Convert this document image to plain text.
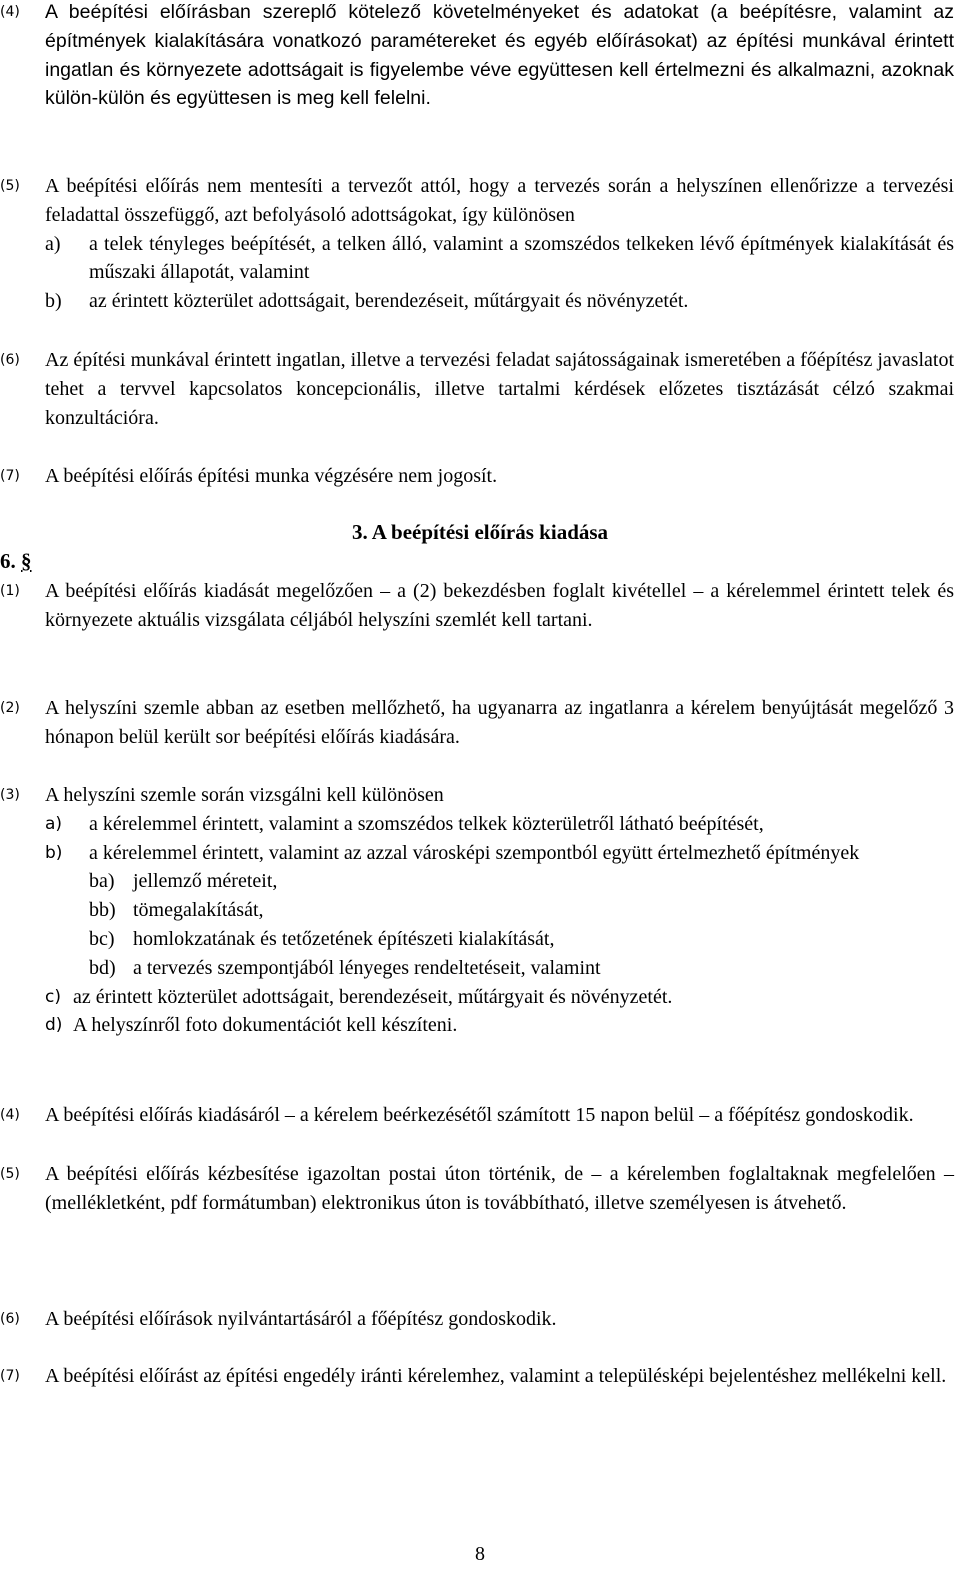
(4) A beépítési előírásban szereplő kötelező követelményeket és adatokat (a beépítésre, valamint az építmények kialakítására vonatkozó paramétereket és egyéb előírásokat) az építési munkával érintett ingatlan és környezete adottságait is figyelembe véve együttesen kell értelmezni és alkalmazni, azoknak külön-külön és együttesen is meg kell felelni.
(5) A beépítési előírás nem mentesíti a tervezőt attól, hogy a tervezés során a helyszínen ellenőrizze a tervezési feladattal összefüggő, azt befolyásoló adottságokat, így különösen
a) a telek tényleges beépítését, a telken álló, valamint a szomszédos telkeken lévő építmények kialakítását és műszaki állapotát, valamint
b) az érintett közterület adottságait, berendezéseit, műtárgyait és növényzetét.
(6) Az építési munkával érintett ingatlan, illetve a tervezési feladat sajátosságainak ismeretében a főépítész javaslatot tehet a tervvel kapcsolatos koncepcionális, illetve tartalmi kérdések előzetes tisztázását célzó szakmai konzultációra.
(7) A beépítési előírás építési munka végzésére nem jogosít.
3. A beépítési előírás kiadása
6. §
(1) A beépítési előírás kiadását megelőzően – a (2) bekezdésben foglalt kivétellel – a kérelemmel érintett telek és környezete aktuális vizsgálata céljából helyszíni szemlét kell tartani.
(2) A helyszíni szemle abban az esetben mellőzhető, ha ugyanarra az ingatlanra a kérelem benyújtását megelőző 3 hónapon belül került sor beépítési előírás kiadására.
(3) A helyszíni szemle során vizsgálni kell különösen
a) a kérelemmel érintett, valamint a szomszédos telkek közterületről látható beépítését,
b) a kérelemmel érintett, valamint az azzal városképi szempontból együtt értelmezhető építmények
ba) jellemző méreteit,
bb) tömegalakítását,
bc) homlokzatának és tetőzetének építészeti kialakítását,
bd) a tervezés szempontjából lényeges rendeltetéseit, valamint
c) az érintett közterület adottságait, berendezéseit, műtárgyait és növényzetét.
d) A helyszínről foto dokumentációt kell készíteni.
(4) A beépítési előírás kiadásáról – a kérelem beérkezésétől számított 15 napon belül – a főépítész gondoskodik.
(5) A beépítési előírás kézbesítése igazoltan postai úton történik, de – a kérelemben foglaltaknak megfelelően – (mellékletként, pdf formátumban) elektronikus úton is továbbítható, illetve személyesen is átvehető.
(6) A beépítési előírások nyilvántartásáról a főépítész gondoskodik.
(7) A beépítési előírást az építési engedély iránti kérelemhez, valamint a településképi bejelentéshez mellékelni kell.
8
